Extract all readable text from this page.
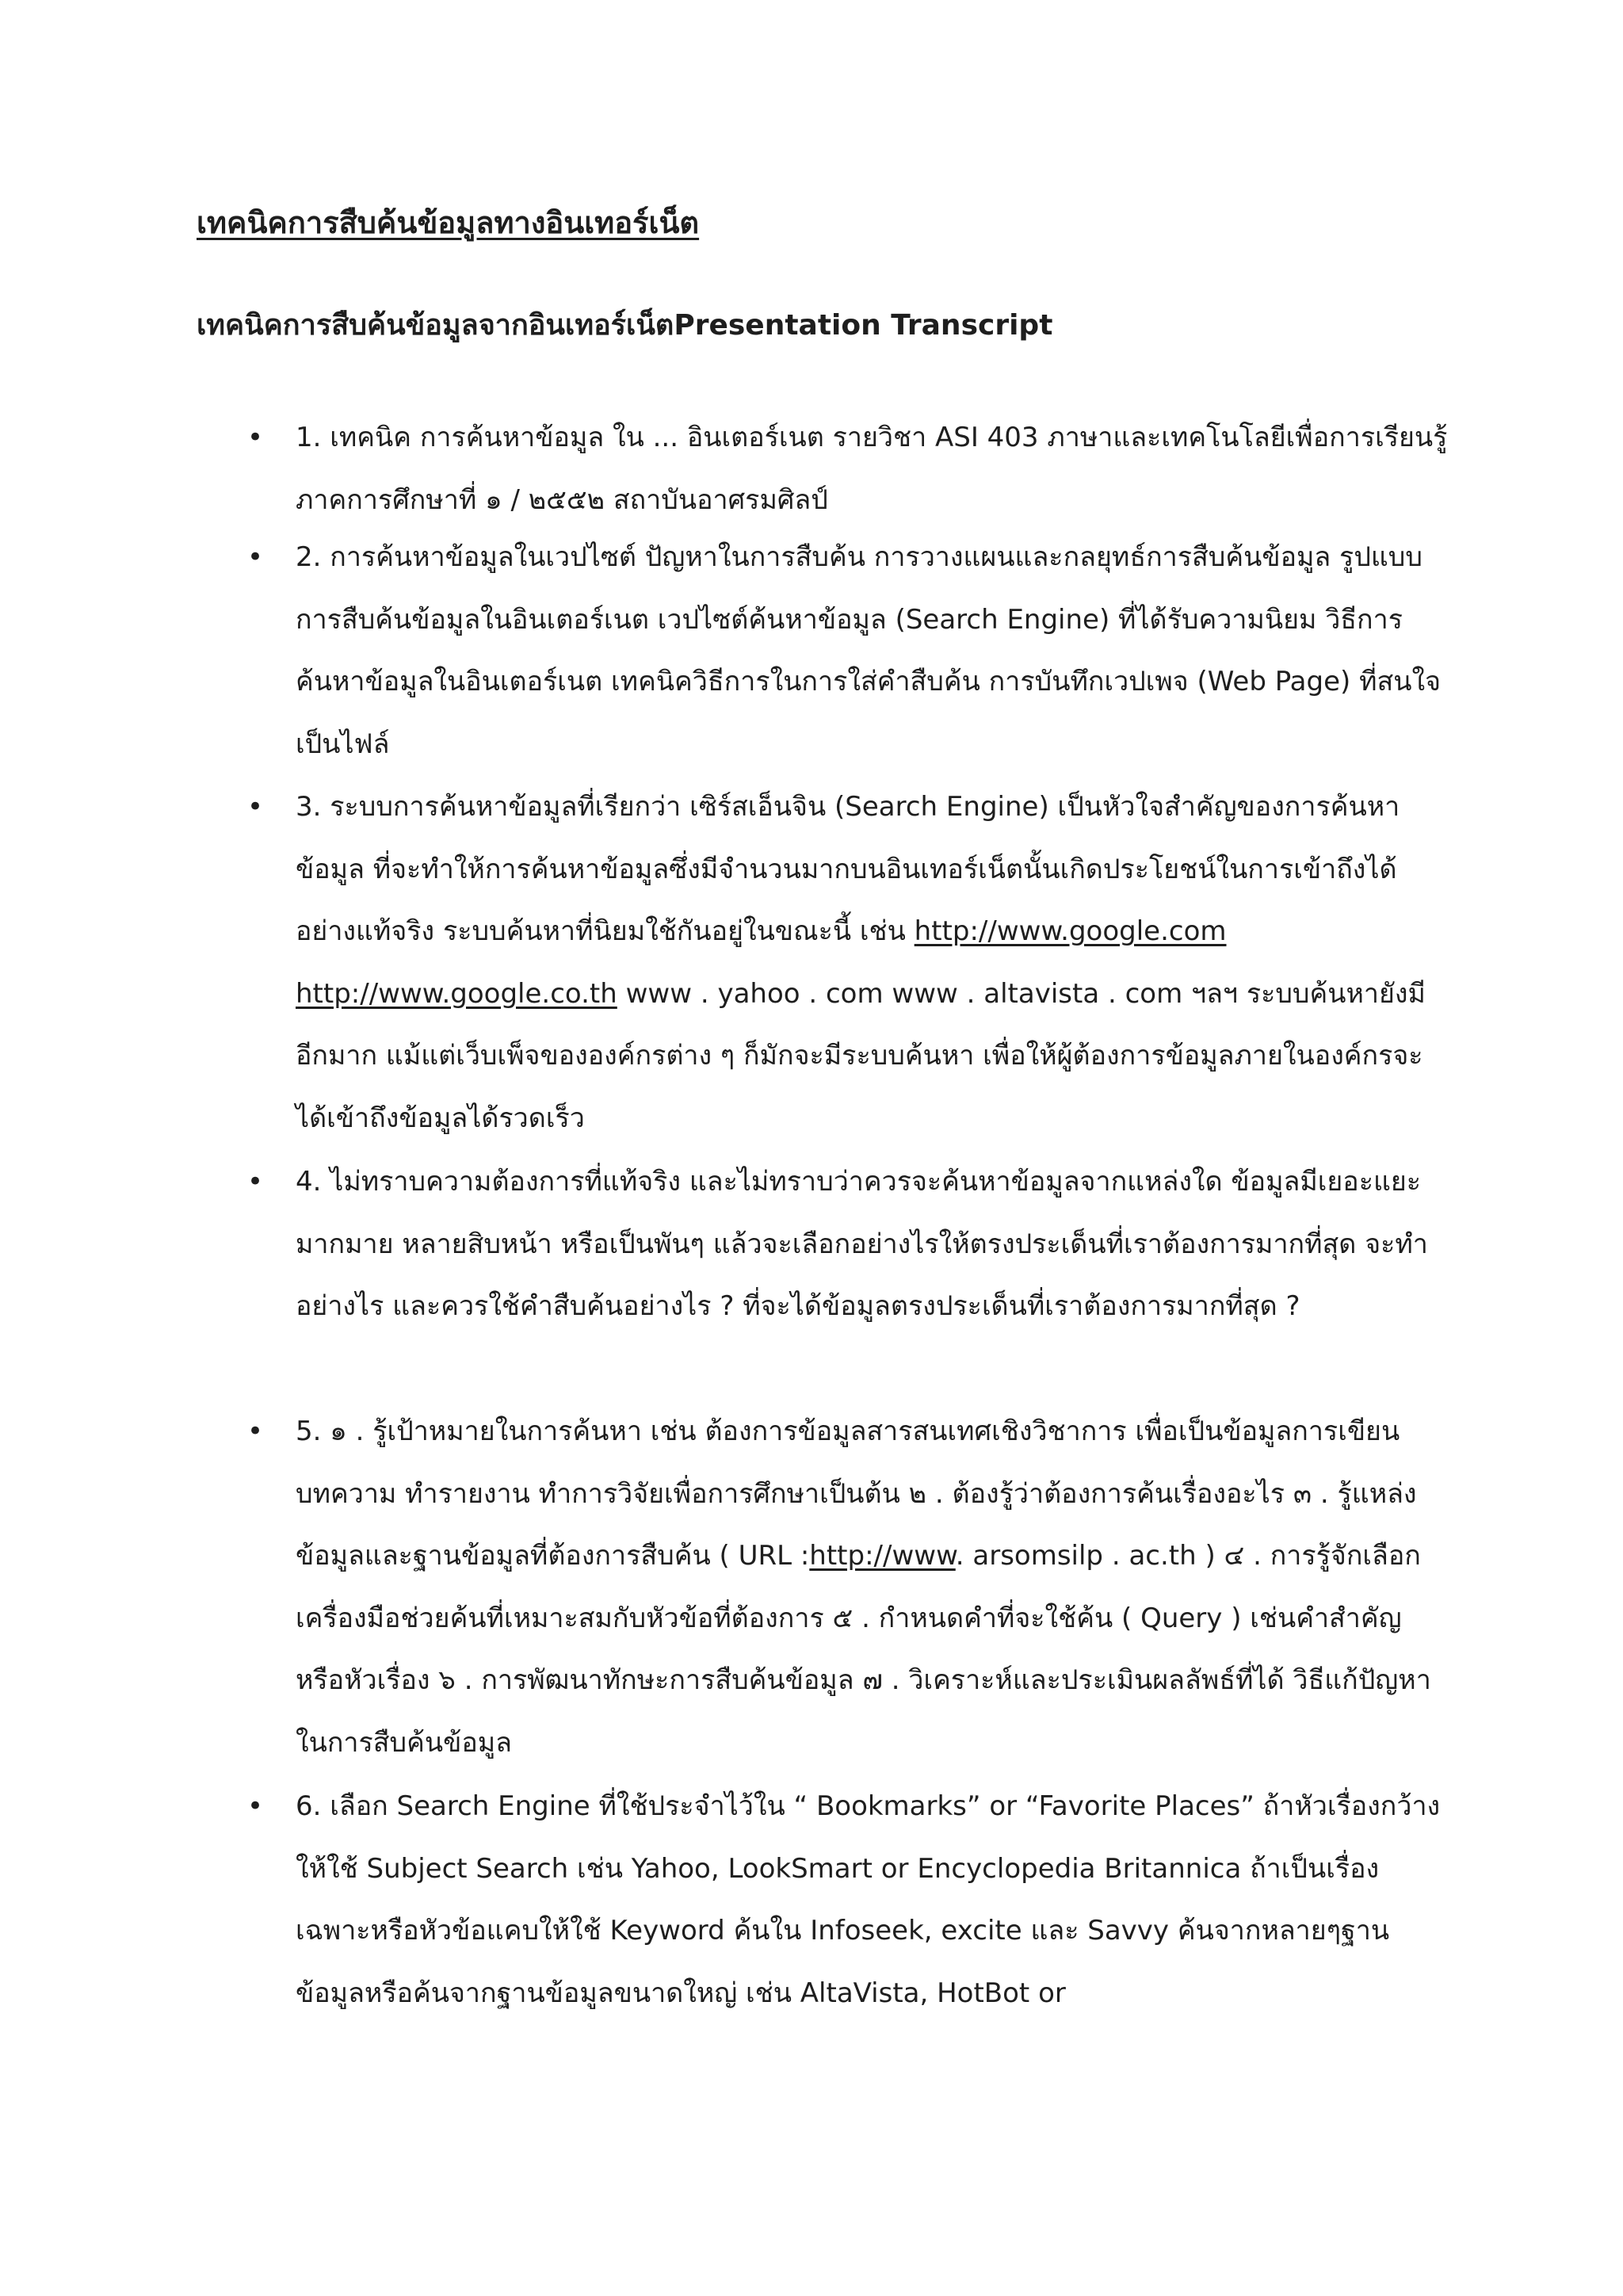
เทคนิคการสืบค้นข้อมูลทางอินเทอร์เน็ต
เทคนิคการสืบค้นข้อมูลจากอินเทอร์เน็ตPresentation Transcript
• 1. เทคนิค การค้นหาข้อมูล ใน ... อินเตอร์เนต รายวิชา ASI 403 ภาษาและเทคโนโลยีเพื่อการเรียนรู้ ภาคการศึกษาที่ ๑ / ๒๕๕๒ สถาบันอาศรมศิลป์

• 2. การค้นหาข้อมูลในเวปไซต์ ปัญหาในการสืบค้น การวางแผนและกลยุทธ์การสืบค้นข้อมูล รูปแบบการสืบค้นข้อมูลในอินเตอร์เนต เวปไซต์ค้นหาข้อมูล (Search Engine) ที่ได้รับความนิยม วิธีการค้นหาข้อมูลในอินเตอร์เนต เทคนิควิธีการในการใส่คำสืบค้น การบันทึกเวปเพจ (Web Page) ที่สนใจเป็นไฟล์

• 3. ระบบการค้นหาข้อมูลที่เรียกว่า เซิร์สเอ็นจิน (Search Engine) เป็นหัวใจสำคัญของการค้นหาข้อมูล ที่จะทำให้การค้นหาข้อมูลซึ่งมีจำนวนมากบนอินเทอร์เน็ตนั้นเกิดประโยชน์ในการเข้าถึงได้อย่างแท้จริง ระบบค้นหาที่นิยมใช้กันอยู่ในขณะนี้ เช่น http://www.google.com http://www.google.co.th www . yahoo . com www . altavista . com ฯลฯ ระบบค้นหายังมีอีกมาก แม้แต่เว็บเพ็จขององค์กรต่าง ๆ ก็มักจะมีระบบค้นหา เพื่อให้ผู้ต้องการข้อมูลภายในองค์กรจะได้เข้าถึงข้อมูลได้รวดเร็ว

• 4. ไม่ทราบความต้องการที่แท้จริง และไม่ทราบว่าควรจะค้นหาข้อมูลจากแหล่งใด ข้อมูลมีเยอะแยะมากมาย หลายสิบหน้า หรือเป็นพันๆ แล้วจะเลือกอย่างไรให้ตรงประเด็นที่เราต้องการมากที่สุด จะทำอย่างไร และควรใช้คำสืบค้นอย่างไร ? ที่จะได้ข้อมูลตรงประเด็นที่เราต้องการมากที่สุด ?

• 5. ๑ . รู้เป้าหมายในการค้นหา เช่น ต้องการข้อมูลสารสนเทศเชิงวิชาการ เพื่อเป็นข้อมูลการเขียนบทความ ทำรายงาน ทำการวิจัยเพื่อการศึกษาเป็นต้น ๒ . ต้องรู้ว่าต้องการค้นเรื่องอะไร ๓ . รู้แหล่งข้อมูลและฐานข้อมูลที่ต้องการสืบค้น ( URL :http://www. arsomsilp . ac.th ) ๔ . การรู้จักเลือกเครื่องมือช่วยค้นที่เหมาะสมกับหัวข้อที่ต้องการ ๕ . กำหนดคำที่จะใช้ค้น ( Query ) เช่นคำสำคัญหรือหัวเรื่อง ๖ . การพัฒนาทักษะการสืบค้นข้อมูล ๗ . วิเคราะห์และประเมินผลลัพธ์ที่ได้ วิธีแก้ปัญหาในการสืบค้นข้อมูล

• 6. เลือก Search Engine ที่ใช้ประจำไว้ใน “ Bookmarks” or “Favorite Places” ถ้าหัวเรื่องกว้างให้ใช้ Subject Search เช่น Yahoo, LookSmart or Encyclopedia Britannica ถ้าเป็นเรื่องเฉพาะหรือหัวข้อแคบให้ใช้ Keyword ค้นใน Infoseek, excite และ Savvy ค้นจากหลายๆฐานข้อมูลหรือค้นจากฐานข้อมูลขนาดใหญ่ เช่น AltaVista, HotBot or
